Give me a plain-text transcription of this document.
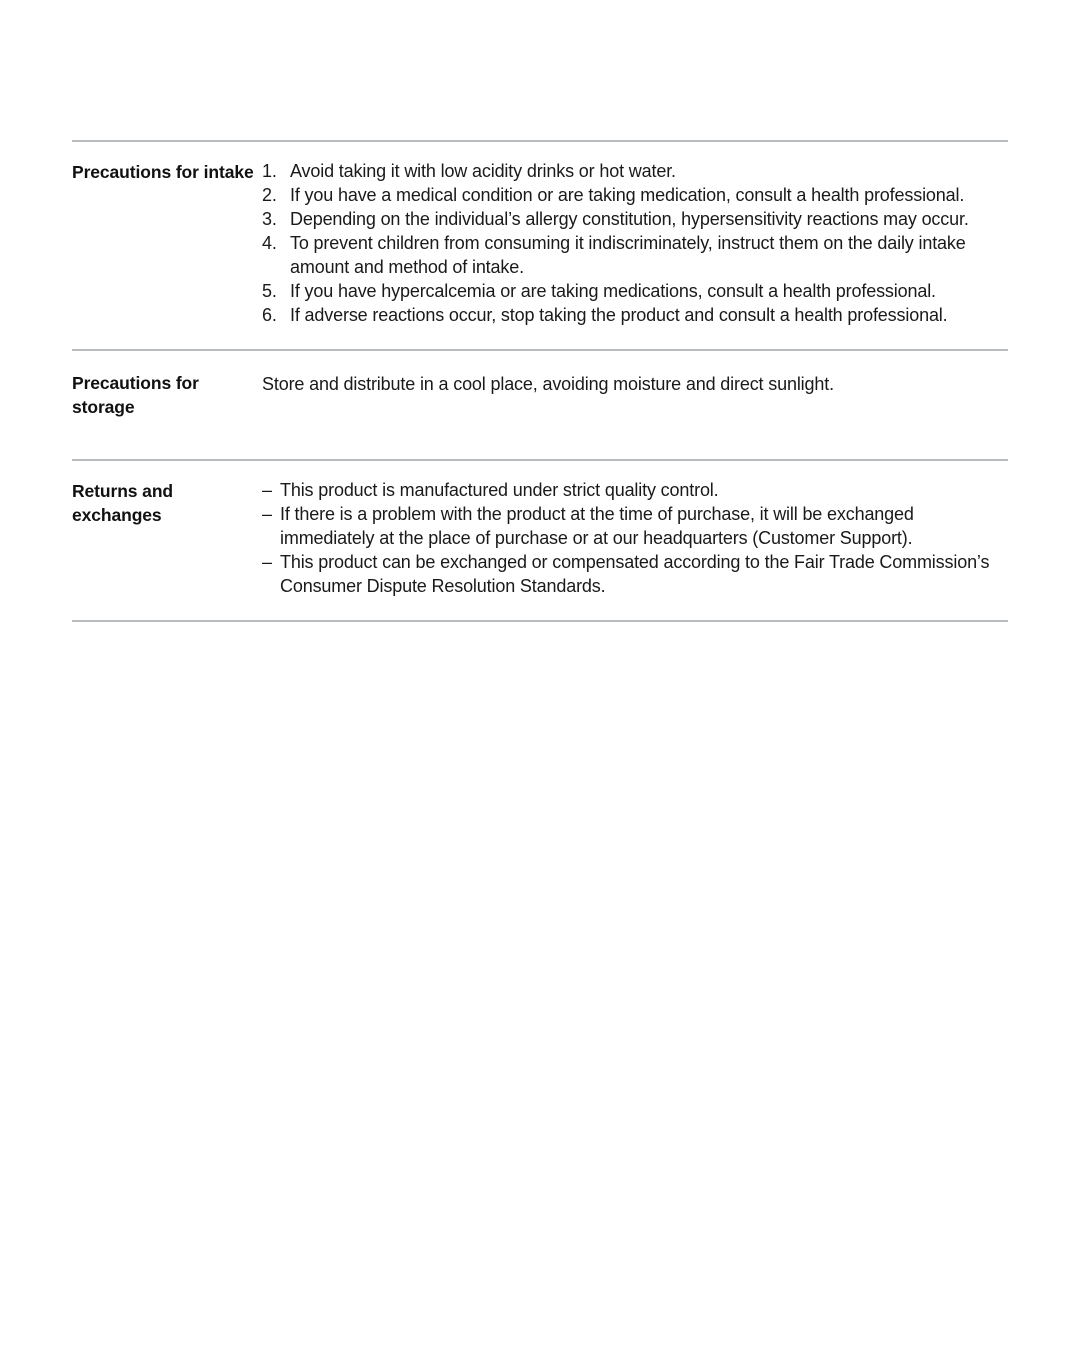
Precautions for intake 1. Avoid taking it with low acidity drinks or hot water.
2. If you have a medical condition or are taking medication, consult a health professional.
3. Depending on the individual’s allergy constitution, hypersensitivity reactions may occur.
4. To prevent children from consuming it indiscriminately, instruct them on the daily intake amount and method of intake.
5. If you have hypercalcemia or are taking medications, consult a health professional.
6. If adverse reactions occur, stop taking the product and consult a health professional.
Precautions for storage
Store and distribute in a cool place, avoiding moisture and direct sunlight.
Returns and exchanges
– This product is manufactured under strict quality control.
– If there is a problem with the product at the time of purchase, it will be exchanged immediately at the place of purchase or at our headquarters (Customer Support).
– This product can be exchanged or compensated according to the Fair Trade Commission’s Consumer Dispute Resolution Standards.
